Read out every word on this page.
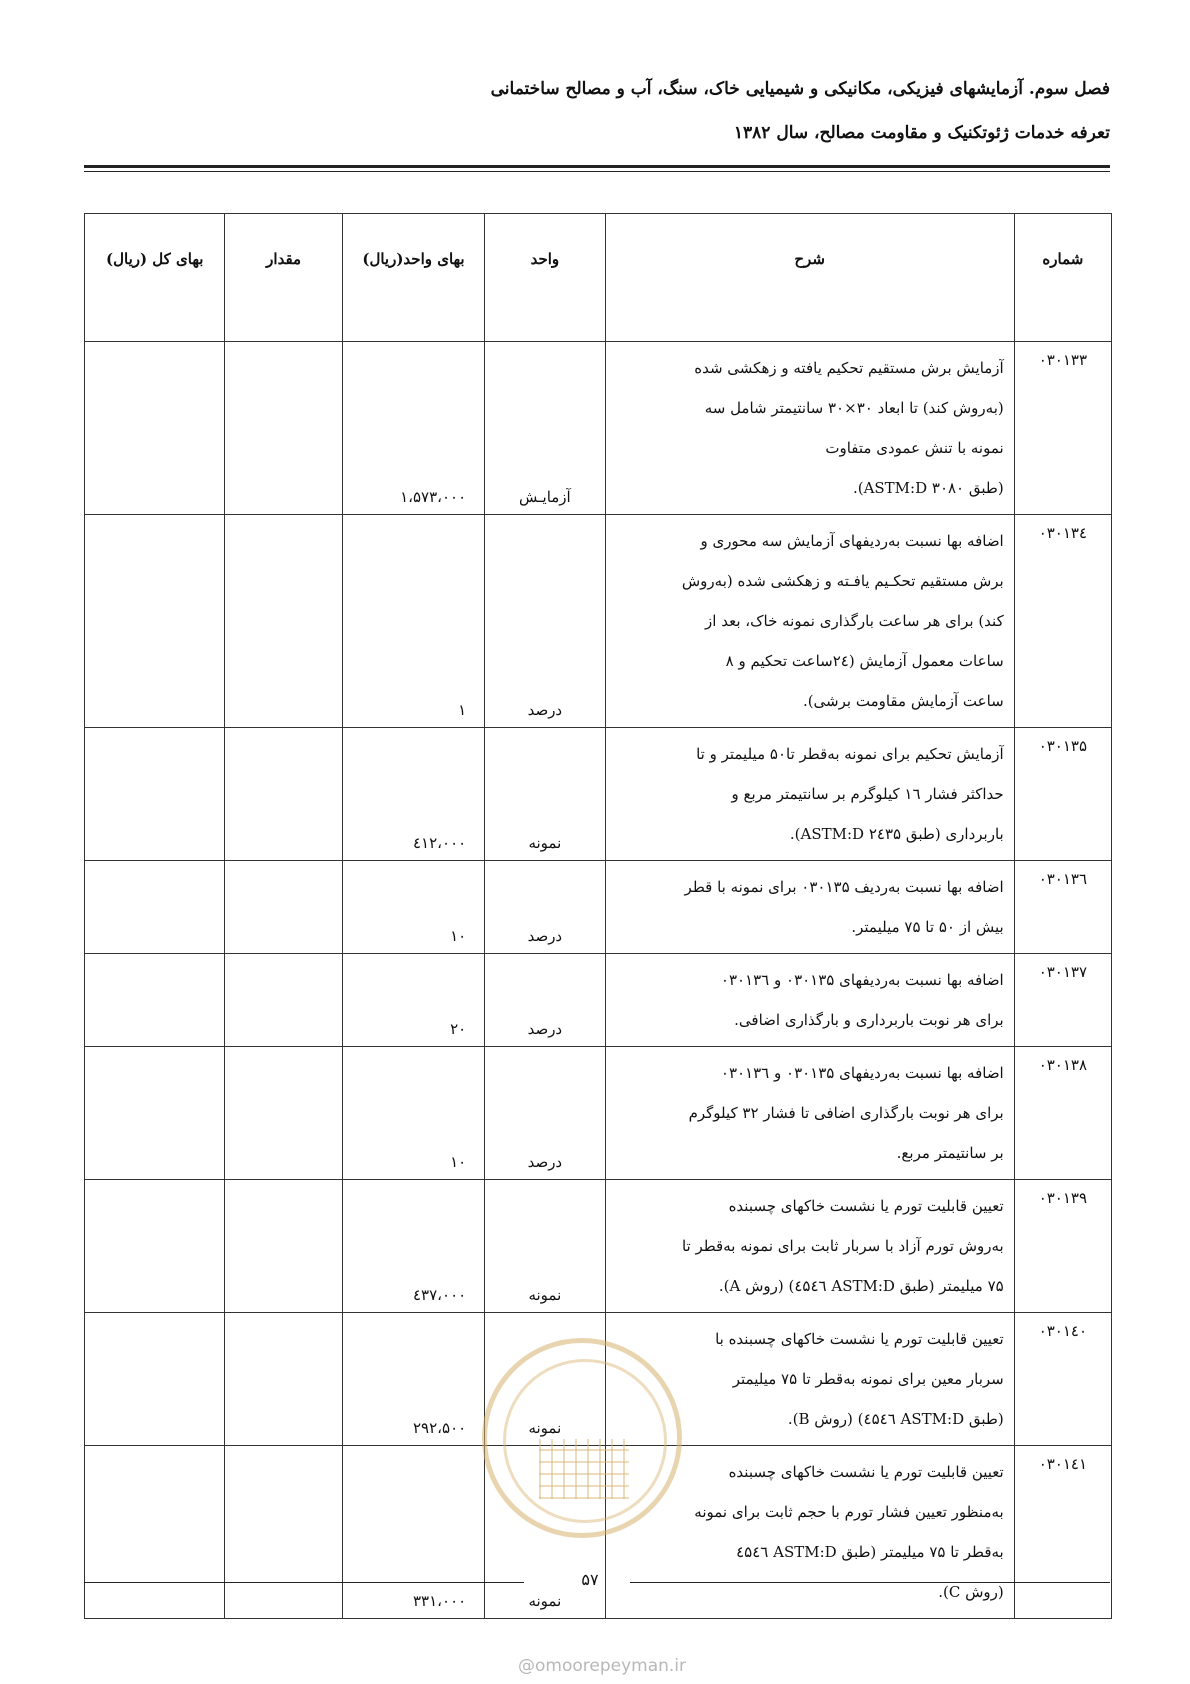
فصل سوم. آزمایشهای فیزیکی، مکانیکی و شیمیایی خاک، سنگ، آب و مصالح ساختمانی
تعرفه خدمات ژئوتکنیک و مقاومت مصالح، سال ۱۳۸۲
شماره	شرح	واحد	بهای واحد(ریال)	مقدار	بهای کل (ریال)
۰۳۰۱۳۳	آزمایش برش مستقیم تحکیم یافته و زهکشی شده
(به‌روش کند) تا ابعاد ۳۰×۳۰ سانتیمتر شامل سه
نمونه با تنش عمودی متفاوت
(طبق ASTM:D ۳۰۸۰).	آزمایـش	۱،۵۷۳،۰۰۰		
۰۳۰۱۳٤	اضافه بها نسبت به‌ردیفهای آزمایش سه محوری و
برش مستقیم تحکـیم یافـته و زهکشی شده (به‌روش
کند) برای هر ساعت بارگذاری نمونه خاک، بعد از
ساعات معمول آزمایش (۲٤ساعت تحکیم و ۸
ساعت آزمایش مقاومت برشی).	درصد	۱		
۰۳۰۱۳۵	آزمایش تحکیم برای نمونه به‌قطر تا۵۰ میلیمتر و تا
حداکثر فشار ۱٦ کیلوگرم بر سانتیمتر مربع و
باربرداری (طبق ASTM:D ۲٤۳۵).	نمونه	٤۱۲،۰۰۰		
۰۳۰۱۳٦	اضافه بها نسبت به‌ردیف ۰۳۰۱۳۵ برای نمونه با قطر
بیش از ۵۰ تا ۷۵ میلیمتر.	درصد	۱۰		
۰۳۰۱۳۷	اضافه بها نسبت به‌ردیفهای ۰۳۰۱۳۵ و ۰۳۰۱۳٦
برای هر نوبت باربرداری و بارگذاری اضافی.	درصد	۲۰		
۰۳۰۱۳۸	اضافه بها نسبت به‌ردیفهای ۰۳۰۱۳۵ و ۰۳۰۱۳٦
برای هر نوبت بارگذاری اضافی تا فشار ۳۲ کیلوگرم
بر سانتیمتر مربع.	درصد	۱۰		
۰۳۰۱۳۹	تعیین قابلیت تورم یا نشست خاکهای چسبنده
به‌روش تورم آزاد با سربار ثابت برای نمونه به‌قطر تا
۷۵ میلیمتر (طبق ASTM:D ٤۵٤٦) (روش A).	نمونه	٤۳۷،۰۰۰		
۰۳۰۱٤۰	تعیین قابلیت تورم یا نشست خاکهای چسبنده با
سربار معین برای نمونه به‌قطر تا ۷۵ میلیمتر
(طبق ASTM:D ٤۵٤٦) (روش B).	نمونه	۲۹۲،۵۰۰		
۰۳۰۱٤۱	تعیین قابلیت تورم یا نشست خاکهای چسبنده
به‌منظور تعیین فشار تورم با حجم ثابت برای نمونه
به‌قطر تا ۷۵ میلیمتر (طبق ASTM:D ٤۵٤٦
(روش C).	نمونه	۳۳۱،۰۰۰		
۵۷
@omoorepeyman.ir
